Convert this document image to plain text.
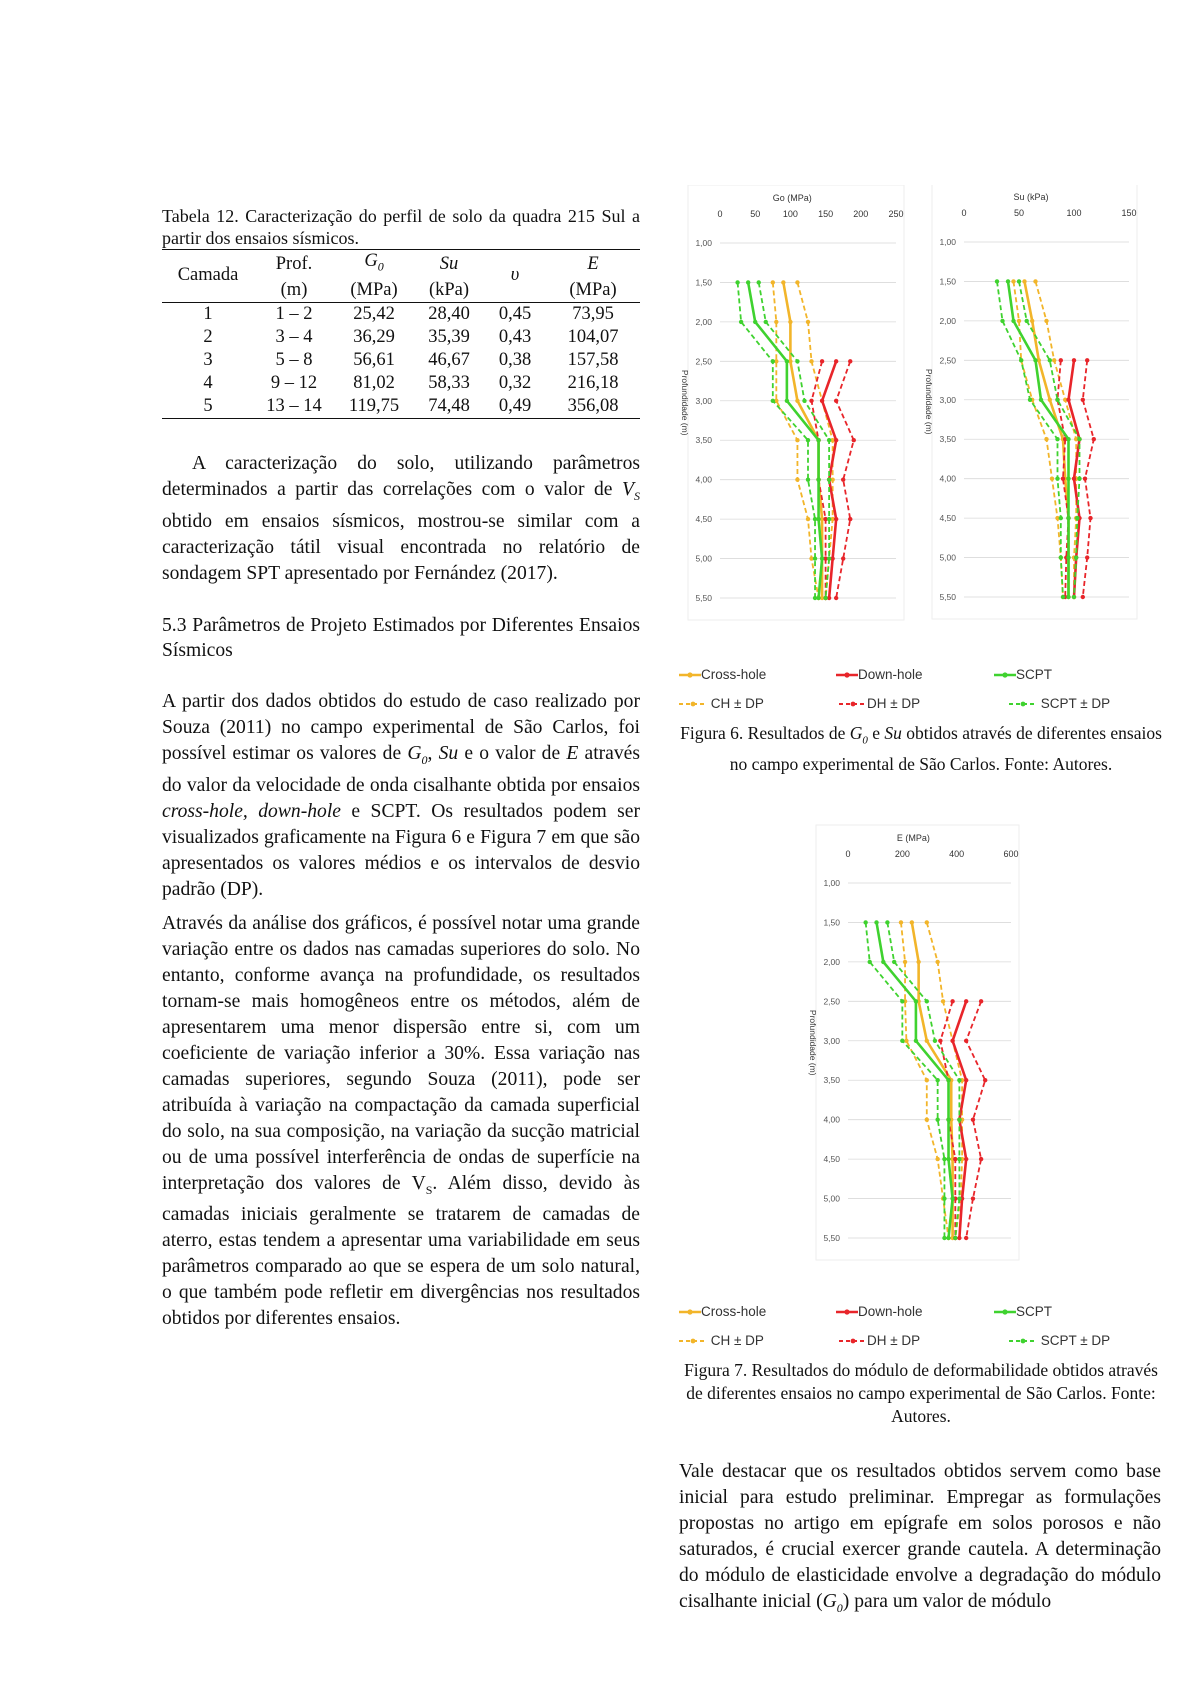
Tabela 12. Caracterização do perfil de solo da quadra 215 Sul a partir dos ensaios sísmicos.

Camada	Prof.	$G_0$	Su	υ	E
	(m)	(MPa)	(kPa)		(MPa)
1	1 – 2	25,42	28,40	0,45	73,95
2	3 – 4	36,29	35,39	0,43	104,07
3	5 – 8	56,61	46,67	0,38	157,58
4	9 – 12	81,02	58,33	0,32	216,18
5	13 – 14	119,75	74,48	0,49	356,08

A caracterização do solo, utilizando parâmetros determinados a partir das correlações com o valor de $V_S$ obtido em ensaios sísmicos, mostrou-se similar com a caracterização tátil visual encontrada no relatório de sondagem SPT apresentado por Fernández (2017).

5.3 Parâmetros de Projeto Estimados por Diferentes Ensaios Sísmicos

A partir dos dados obtidos do estudo de caso realizado por Souza (2011) no campo experimental de São Carlos, foi possível estimar os valores de $G_0$, Su e o valor de E através do valor da velocidade de onda cisalhante obtida por ensaios cross-hole, down-hole e SCPT. Os resultados podem ser visualizados graficamente na Figura 6 e Figura 7 em que são apresentados os valores médios e os intervalos de desvio padrão (DP).

Através da análise dos gráficos, é possível notar uma grande variação entre os dados nas camadas superiores do solo. No entanto, conforme avança na profundidade, os resultados tornam-se mais homogêneos entre os métodos, além de apresentarem uma menor dispersão entre si, com um coeficiente de variação inferior a 30%. Essa variação nas camadas superiores, segundo Souza (2011), pode ser atribuída à variação na compactação da camada superficial do solo, na sua composição, na variação da sucção matricial ou de uma possível interferência de ondas de superfície na interpretação dos valores de $V_S$. Além disso, devido às camadas iniciais geralmente se tratarem de camadas de aterro, estas tendem a apresentar uma variabilidade em seus parâmetros comparado ao que se espera de um solo natural, o que também pode refletir em divergências nos resultados obtidos por diferentes ensaios.

Go (MPa)
0	50	100 150 200 250
1,00
1,50
2,00
2,50
3,00
3,50
4,00
4,50
5,00
5,50
Profundidade (m)
Su (kPa)
0	50	100	150
1,00
1,50
2,00
2,50
3,00
3,50
4,00
4,50
5,00
5,50
Profundidade (m)
Cross-hole	Down-hole	SCPT
CH ± DP	DH ± DP	SCPT ± DP
Figura 6. Resultados de $G_0$ e Su obtidos através de diferentes ensaios no campo experimental de São Carlos. Fonte: Autores.
E (MPa)
0	200	400	600
1,00
1,50
2,00
2,50
3,00
3,50
4,00
4,50
5,00
5,50
Profundidade (m)
Cross-hole	Down-hole	SCPT
CH ± DP	DH ± DP	SCPT ± DP
Figura 7. Resultados do módulo de deformabilidade obtidos através de diferentes ensaios no campo experimental de São Carlos. Fonte: Autores.

Vale destacar que os resultados obtidos servem como base inicial para estudo preliminar. Empregar as formulações propostas no artigo em epígrafe em solos porosos e não saturados, é crucial exercer grande cautela. A determinação do módulo de elasticidade envolve a degradação do módulo cisalhante inicial $(G_0)$ para um valor de módulo
